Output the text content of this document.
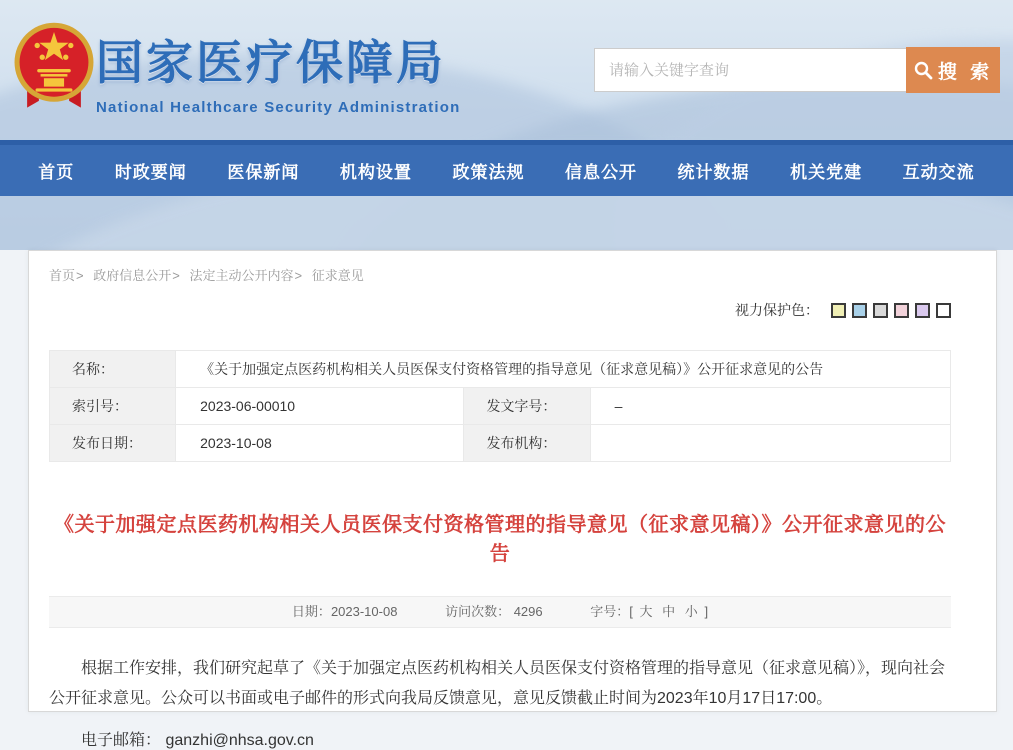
国家医疗保障局
National Healthcare Security Administration
请输入关键字查询
搜 索
首页 时政要闻 医保新闻 机构设置 政策法规 信息公开 统计数据 机关党建 互动交流
首页> 政府信息公开> 法定主动公开内容> 征求意见
视力保护色：
名称：	《关于加强定点医药机构相关人员医保支付资格管理的指导意见（征求意见稿）》公开征求意见的公告		
索引号：	2023-06-00010	发文字号：	–
发布日期：	2023-10-08	发布机构：	
《关于加强定点医药机构相关人员医保支付资格管理的指导意见（征求意见稿）》公开征求意见的公告
日期：2023-10-08	访问次数： 4296	字号：[ 大 中 小 ]

根据工作安排，我们研究起草了《关于加强定点医药机构相关人员医保支付资格管理的指导意见（征求意见稿）》，现向社会公开征求意见。公众可以书面或电子邮件的形式向我局反馈意见，意见反馈截止时间为2023年10月17日17:00。

电子邮箱： ganzhi@nhsa.gov.cn
